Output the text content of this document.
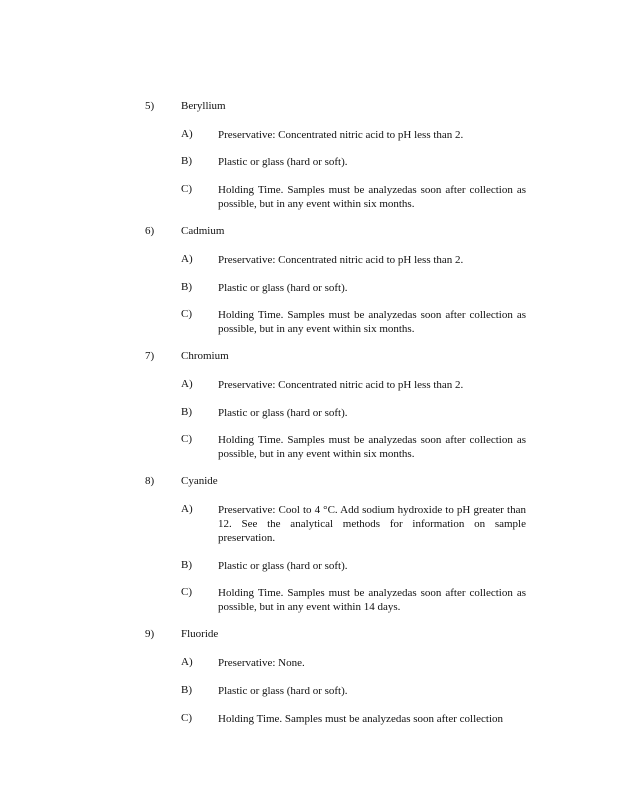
5) Beryllium
A) Preservative: Concentrated nitric acid to pH less than 2.
B) Plastic or glass (hard or soft).
C) Holding Time. Samples must be analyzedas soon after collection as possible, but in any event within six months.
6) Cadmium
A) Preservative: Concentrated nitric acid to pH less than 2.
B) Plastic or glass (hard or soft).
C) Holding Time. Samples must be analyzedas soon after collection as possible, but in any event within six months.
7) Chromium
A) Preservative: Concentrated nitric acid to pH less than 2.
B) Plastic or glass (hard or soft).
C) Holding Time. Samples must be analyzedas soon after collection as possible, but in any event within six months.
8) Cyanide
A) Preservative: Cool to 4 °C. Add sodium hydroxide to pH greater than 12. See the analytical methods for information on sample preservation.
B) Plastic or glass (hard or soft).
C) Holding Time. Samples must be analyzedas soon after collection as possible, but in any event within 14 days.
9) Fluoride
A) Preservative: None.
B) Plastic or glass (hard or soft).
C) Holding Time. Samples must be analyzedas soon after collection
